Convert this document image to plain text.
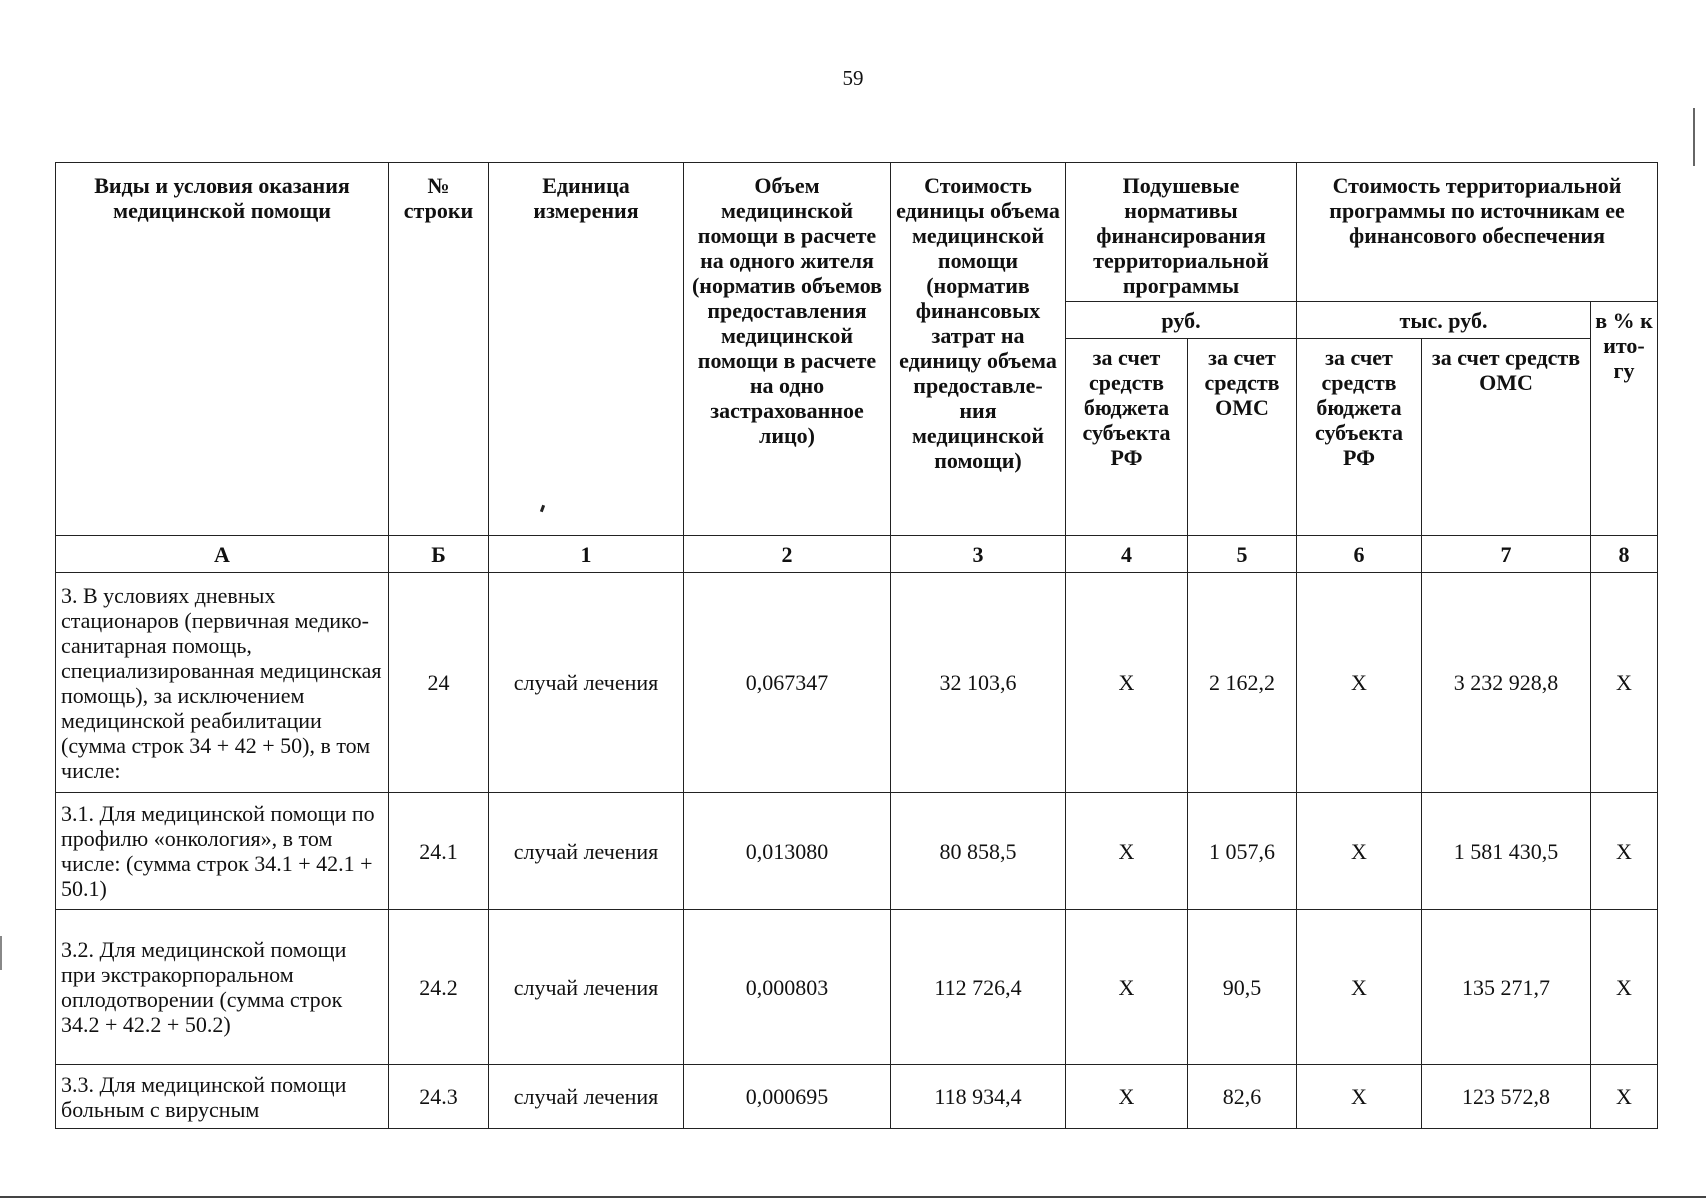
59
Виды и условия оказания медицинской помощи	№ строки	Единица измерения	Объем медицинской помощи в расчете на одного жителя (норматив объемов предоставления медицинской помощи в расчете на одно застрахованное лицо)	Стоимость единицы объема медицинской помощи (норматив финансовых затрат на единицу объема предоставле-ния медицинской помощи)	Подушевые нормативы финансирования территориальной программы		Стоимость территориальной программы по источникам ее финансового обеспечения		
					руб.		тыс. руб.		в % к ито-гу
					за счет средств бюджета субъекта РФ	за счет средств ОМС	за счет средств бюджета субъекта РФ	за счет средств ОМС	
А	Б	1	2	3	4	5	6	7	8
3. В условиях дневных стационаров (первичная медико-санитарная помощь, специализированная медицинская помощь), за исключением медицинской реабилитации (сумма строк 34 + 42 + 50), в том числе:	24	случай лечения	0,067347	32 103,6	Х	2 162,2	Х	3 232 928,8	Х
3.1. Для медицинской помощи по профилю «онкология», в том числе: (сумма строк 34.1 + 42.1 + 50.1)	24.1	случай лечения	0,013080	80 858,5	Х	1 057,6	Х	1 581 430,5	Х
3.2. Для медицинской помощи при экстракорпоральном оплодотворении (сумма строк 34.2 + 42.2 + 50.2)	24.2	случай лечения	0,000803	112 726,4	Х	90,5	Х	135 271,7	Х
3.3. Для медицинской помощи больным с вирусным	24.3	случай лечения	0,000695	118 934,4	Х	82,6	Х	123 572,8	Х
